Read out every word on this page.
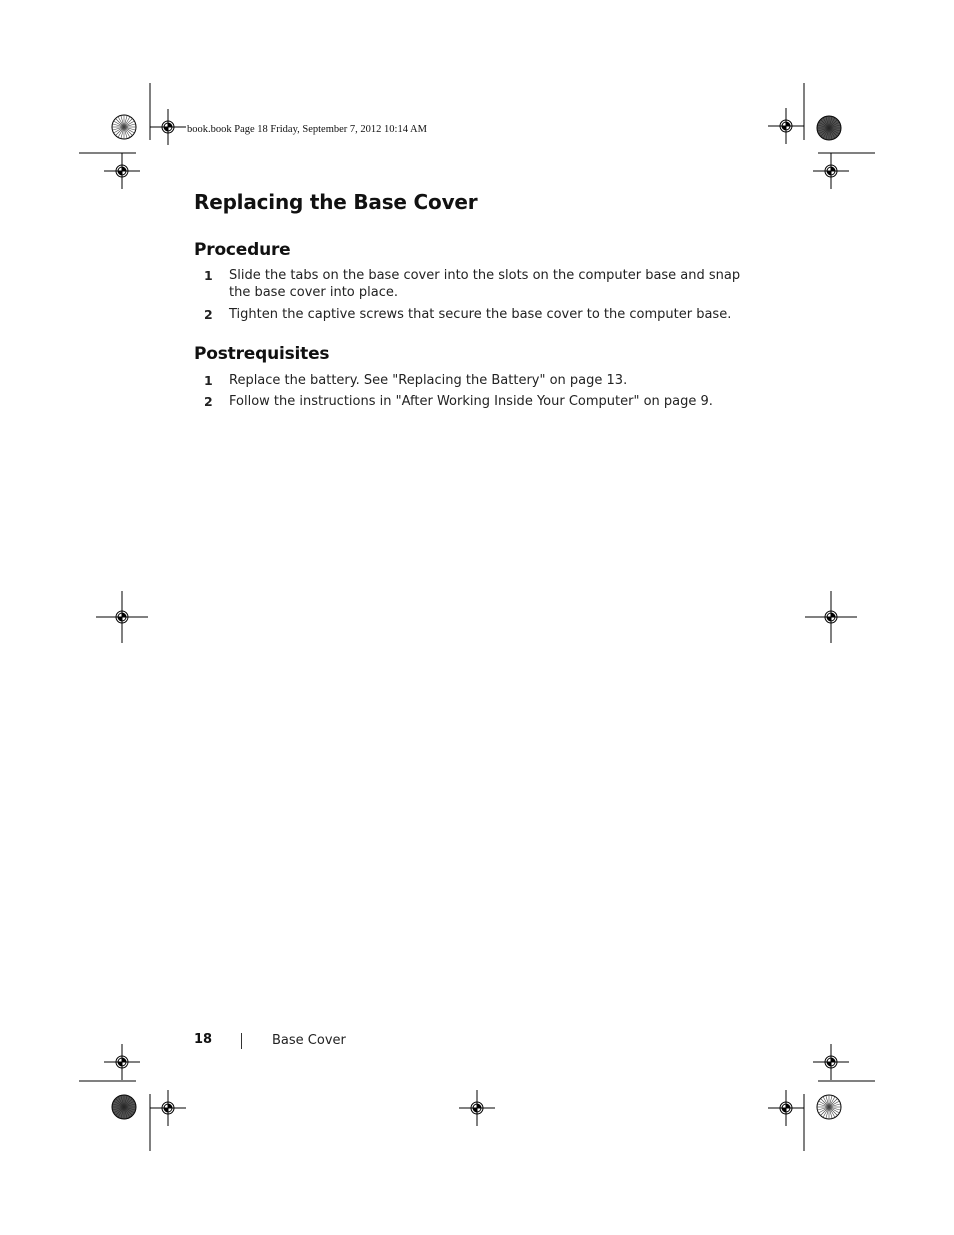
book.book Page 18 Friday, September 7, 2012 10:14 AM
Replacing the Base Cover
Procedure
1 Slide the tabs on the base cover into the slots on the computer base and snap the base cover into place.
2 Tighten the captive screws that secure the base cover to the computer base.
Postrequisites
1 Replace the battery. See "Replacing the Battery" on page 13.
2 Follow the instructions in "After Working Inside Your Computer" on page 9.
18	Base Cover
